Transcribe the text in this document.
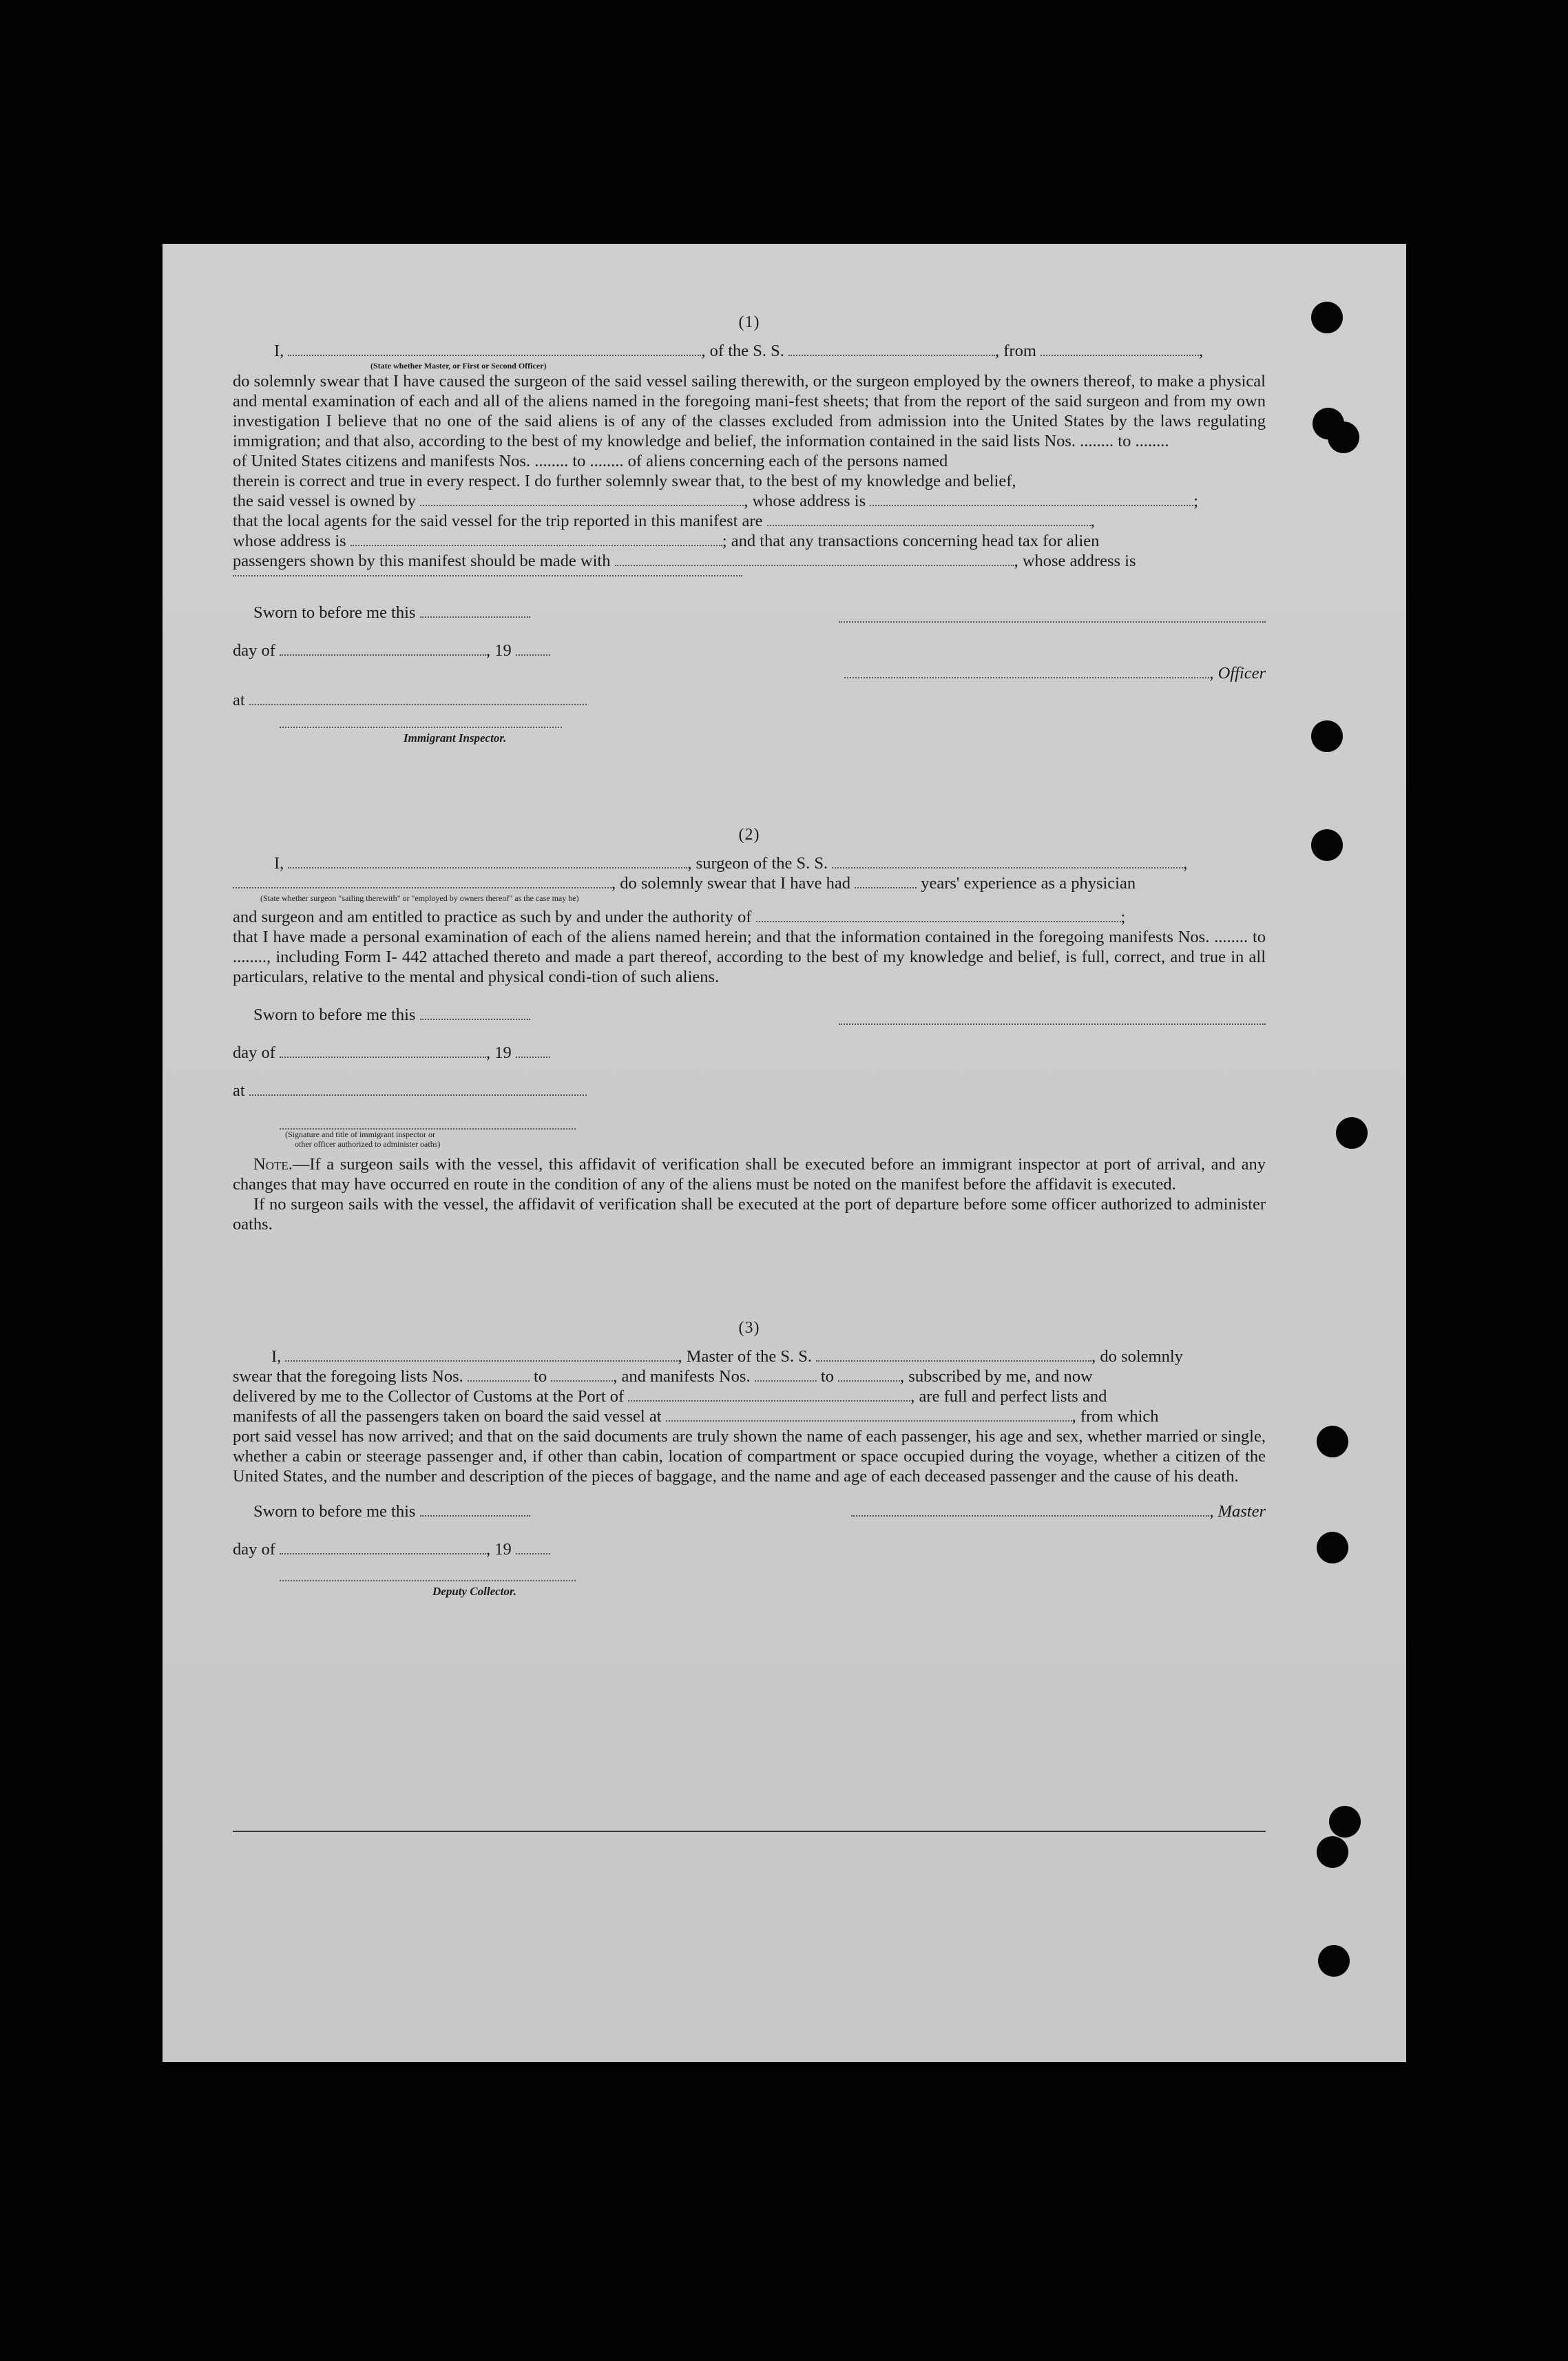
(1)
I,	, of the S. S.	, from	,
(State whether Master, or First or Second Officer)

do solemnly swear that I have caused the surgeon of the said vessel sailing therewith, or the surgeon employed by the owners thereof, to make a physical and mental examination of each and all of the aliens named in the foregoing mani-fest sheets; that from the report of the said surgeon and from my own investigation I believe that no one of the said aliens is of any of the classes excluded from admission into the United States by the laws regulating immigration; and that also, according to the best of my knowledge and belief, the information contained in the said lists Nos. ........ to ........

of United States citizens and manifests Nos. ........ to ........ of aliens concerning each of the persons named
therein is correct and true in every respect. I do further solemnly swear that, to the best of my knowledge and belief,
the said vessel is owned by	, whose address is	;
that the local agents for the said vessel for the trip reported in this manifest are	,
whose address is	; and that any transactions concerning head tax for alien
passengers shown by this manifest should be made with	, whose address is
Sworn to before me this
day of	, 19
, Officer
at
Immigrant Inspector.
(2)
I,	, surgeon of the S. S.	,
, do solemnly swear that I have had	years' experience as a physician
(State whether surgeon "sailing therewith" or "employed by owners thereof" as the case may be)
and surgeon and am entitled to practice as such by and under the authority of	;

that I have made a personal examination of each of the aliens named herein; and that the information contained in the foregoing manifests Nos. ........ to ........, including Form I- 442 attached thereto and made a part thereof, according to the best of my knowledge and belief, is full, correct, and true in all particulars, relative to the mental and physical condi-tion of such aliens.

Sworn to before me this
day of	, 19
at
(Signature and title of immigrant inspector or
other officer authorized to administer oaths)

Note.—If a surgeon sails with the vessel, this affidavit of verification shall be executed before an immigrant inspector at port of arrival, and any changes that may have occurred en route in the condition of any of the aliens must be noted on the manifest before the affidavit is executed.

If no surgeon sails with the vessel, the affidavit of verification shall be executed at the port of departure before some officer authorized to administer oaths.

(3)
I,	, Master of the S. S.	, do solemnly
swear that the foregoing lists Nos.	to	, and manifests Nos.	to	, subscribed by me, and now
delivered by me to the Collector of Customs at the Port of	, are full and perfect lists and
manifests of all the passengers taken on board the said vessel at	, from which

port said vessel has now arrived; and that on the said documents are truly shown the name of each passenger, his age and sex, whether married or single, whether a cabin or steerage passenger and, if other than cabin, location of compartment or space occupied during the voyage, whether a citizen of the United States, and the number and description of the pieces of baggage, and the name and age of each deceased passenger and the cause of his death.

Sworn to before me this	, Master
day of	, 19
Deputy Collector.
